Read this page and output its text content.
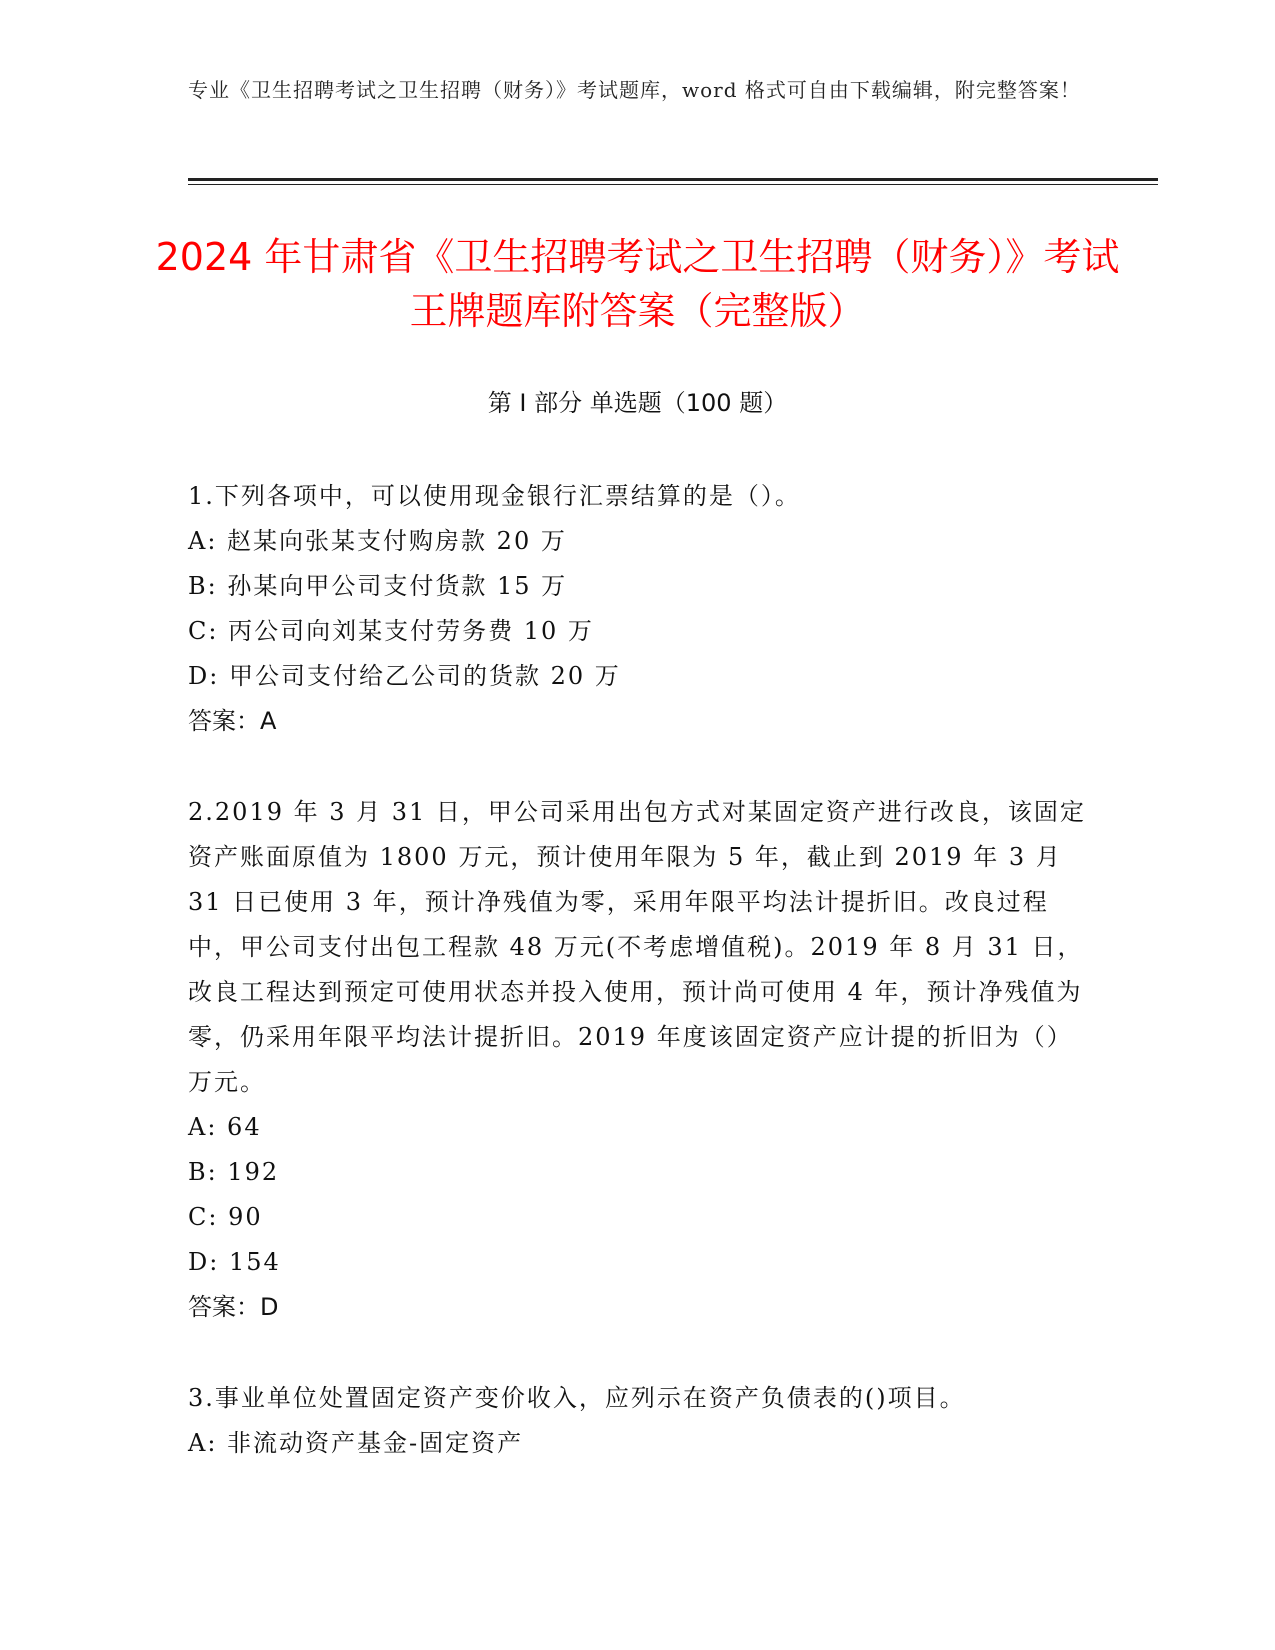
专业《卫生招聘考试之卫生招聘（财务）》考试题库，word 格式可自由下载编辑，附完整答案！
2024 年甘肃省《卫生招聘考试之卫生招聘（财务）》考试王牌题库附答案（完整版）
第 I 部分 单选题（100 题）

1.下列各项中，可以使用现金银行汇票结算的是（）。

A: 赵某向张某支付购房款 20 万

B: 孙某向甲公司支付货款 15 万

C: 丙公司向刘某支付劳务费 10 万

D: 甲公司支付给乙公司的货款 20 万

答案：A

2.2019 年 3 月 31 日，甲公司采用出包方式对某固定资产进行改良，该固定资产账面原值为 1800 万元，预计使用年限为 5 年，截止到 2019 年 3 月 31 日已使用 3 年，预计净残值为零，采用年限平均法计提折旧。改良过程中，甲公司支付出包工程款 48 万元(不考虑增值税)。2019 年 8 月 31 日，改良工程达到预定可使用状态并投入使用，预计尚可使用 4 年，预计净残值为零，仍采用年限平均法计提折旧。2019 年度该固定资产应计提的折旧为（）万元。

A: 64

B: 192

C: 90

D: 154

答案：D

3.事业单位处置固定资产变价收入，应列示在资产负债表的()项目。

A: 非流动资产基金-固定资产
